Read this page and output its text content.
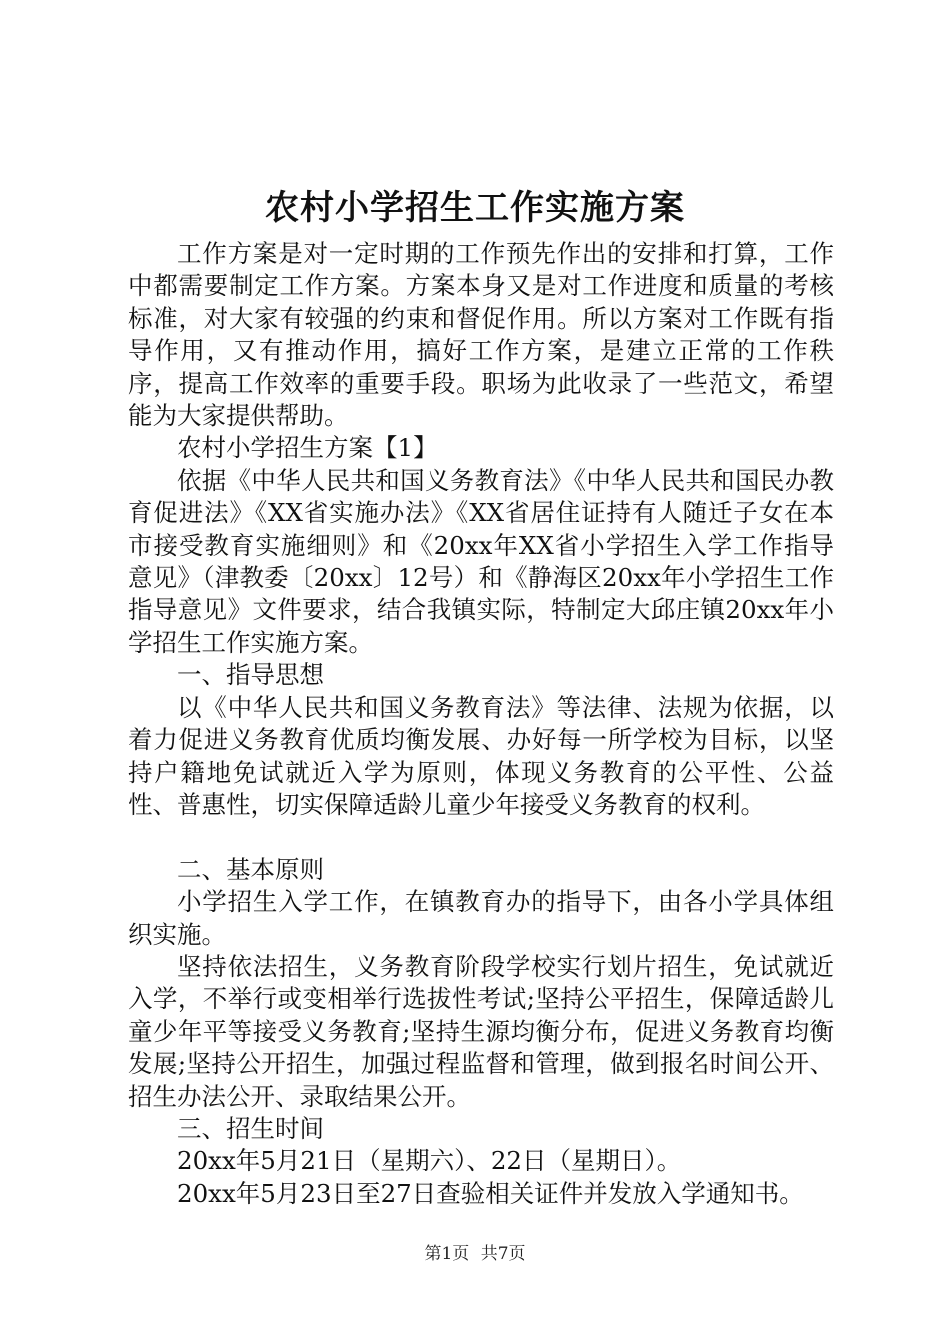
农村小学招生工作实施方案

工作方案是对一定时期的工作预先作出的安排和打算，工作中都需要制定工作方案。方案本身又是对工作进度和质量的考核标准，对大家有较强的约束和督促作用。所以方案对工作既有指导作用，又有推动作用，搞好工作方案，是建立正常的工作秩序，提高工作效率的重要手段。职场为此收录了一些范文，希望能为大家提供帮助。

农村小学招生方案【1】

依据《中华人民共和国义务教育法》《中华人民共和国民办教育促进法》《XX省实施办法》《XX省居住证持有人随迁子女在本市接受教育实施细则》和《20xx年XX省小学招生入学工作指导意见》（津教委〔20xx〕12号）和《静海区20xx年小学招生工作指导意见》文件要求，结合我镇实际，特制定大邱庄镇20xx年小学招生工作实施方案。

一、指导思想

以《中华人民共和国义务教育法》等法律、法规为依据，以着力促进义务教育优质均衡发展、办好每一所学校为目标，以坚持户籍地免试就近入学为原则，体现义务教育的公平性、公益性、普惠性，切实保障适龄儿童少年接受义务教育的权利。

二、基本原则

小学招生入学工作，在镇教育办的指导下，由各小学具体组织实施。

坚持依法招生，义务教育阶段学校实行划片招生，免试就近入学，不举行或变相举行选拔性考试;坚持公平招生，保障适龄儿童少年平等接受义务教育;坚持生源均衡分布，促进义务教育均衡发展;坚持公开招生，加强过程监督和管理，做到报名时间公开、招生办法公开、录取结果公开。

三、招生时间

20xx年5月21日（星期六）、22日（星期日）。

20xx年5月23日至27日查验相关证件并发放入学通知书。

第1页 共7页
